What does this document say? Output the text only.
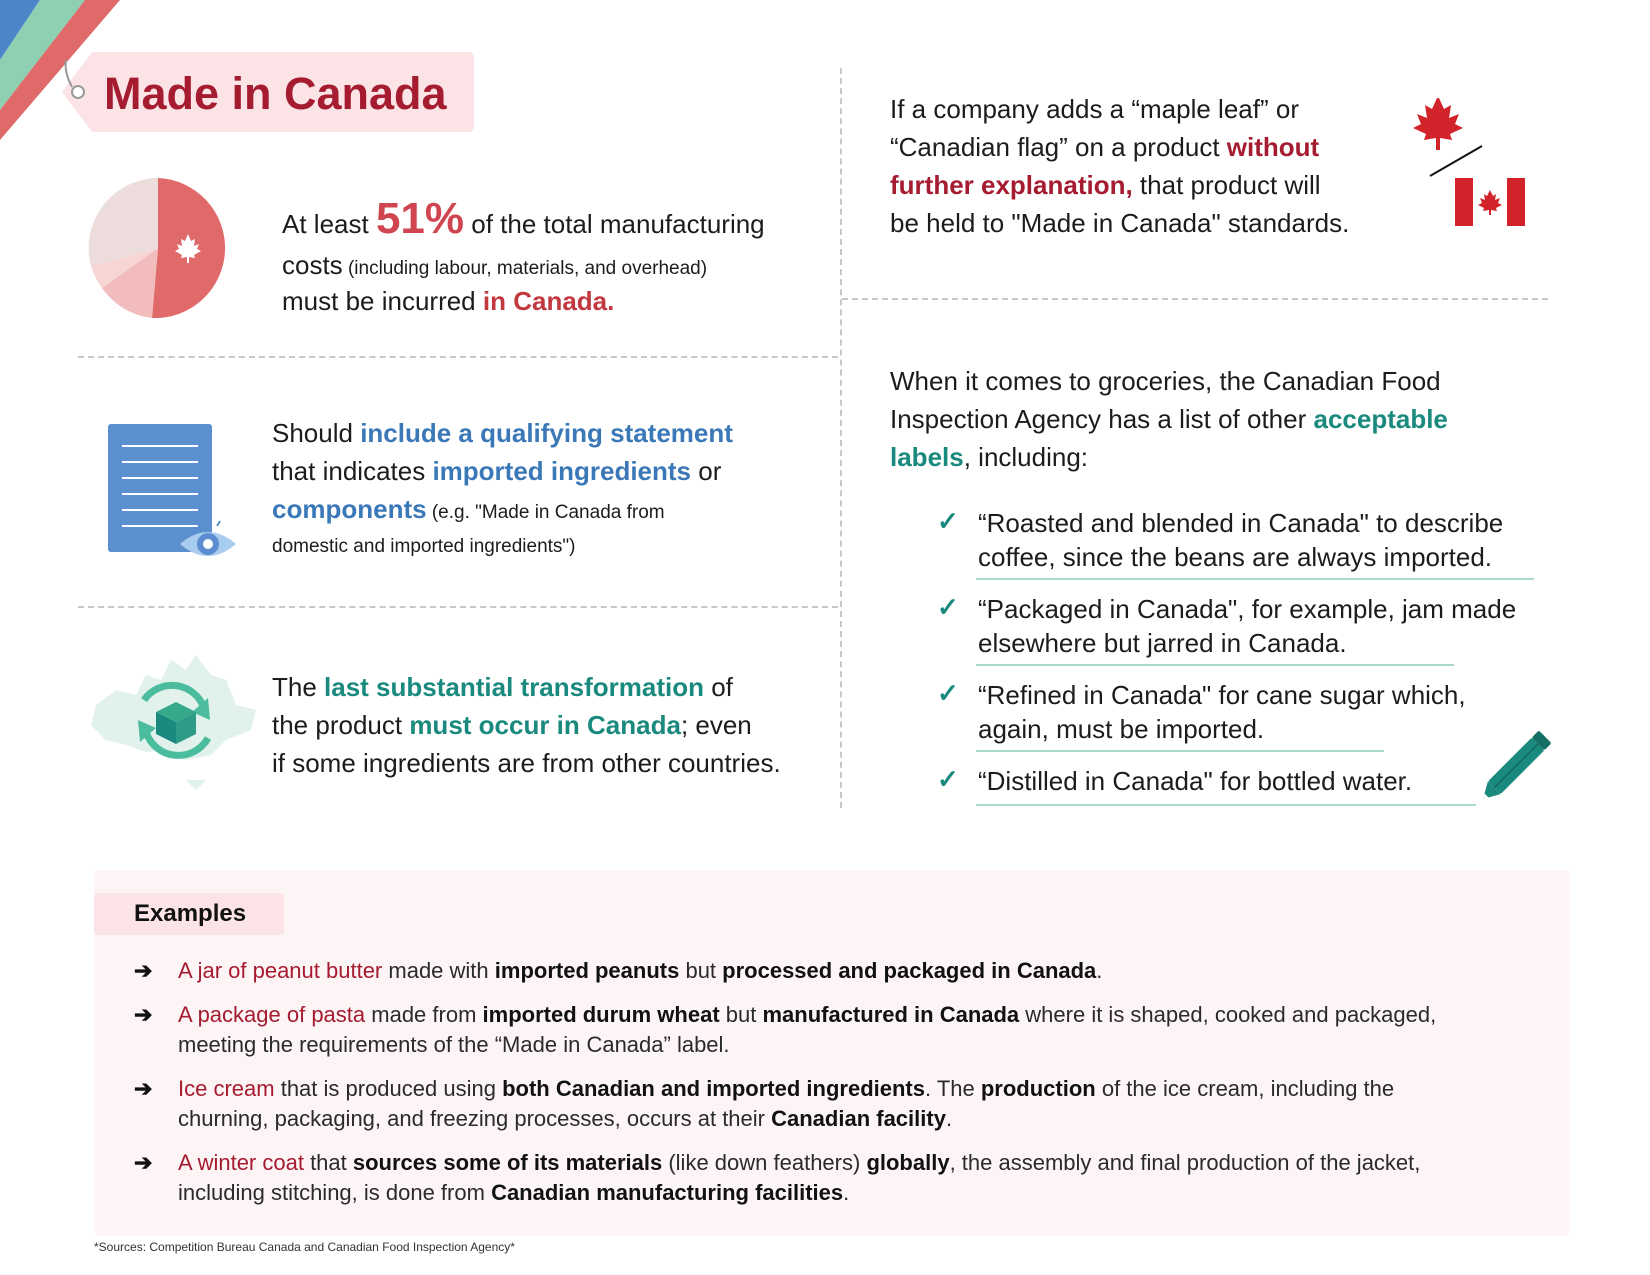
Made in Canada
At least 51% of the total manufacturing
costs (including labour, materials, and overhead)
must be incurred in Canada.
Should include a qualifying statement
that indicates imported ingredients or
components (e.g. "Made in Canada from
domestic and imported ingredients")
The last substantial transformation of
the product must occur in Canada; even
if some ingredients are from other countries.
If a company adds a “maple leaf” or
“Canadian flag” on a product without
further explanation, that product will
be held to "Made in Canada" standards.
When it comes to groceries, the Canadian Food
Inspection Agency has a list of other acceptable
labels, including:
✓ “Roasted and blended in Canada" to describe
coffee, since the beans are always imported.
✓ “Packaged in Canada", for example, jam made
elsewhere but jarred in Canada.
✓ “Refined in Canada" for cane sugar which,
again, must be imported.
✓ “Distilled in Canada" for bottled water.
Examples
➔ A jar of peanut butter made with imported peanuts but processed and packaged in Canada.
➔ A package of pasta made from imported durum wheat but manufactured in Canada where it is shaped, cooked and packaged,
meeting the requirements of the “Made in Canada” label.
➔ Ice cream that is produced using both Canadian and imported ingredients. The production of the ice cream, including the
churning, packaging, and freezing processes, occurs at their Canadian facility.
➔ A winter coat that sources some of its materials (like down feathers) globally, the assembly and final production of the jacket,
including stitching, is done from Canadian manufacturing facilities.
*Sources: Competition Bureau Canada and Canadian Food Inspection Agency*
